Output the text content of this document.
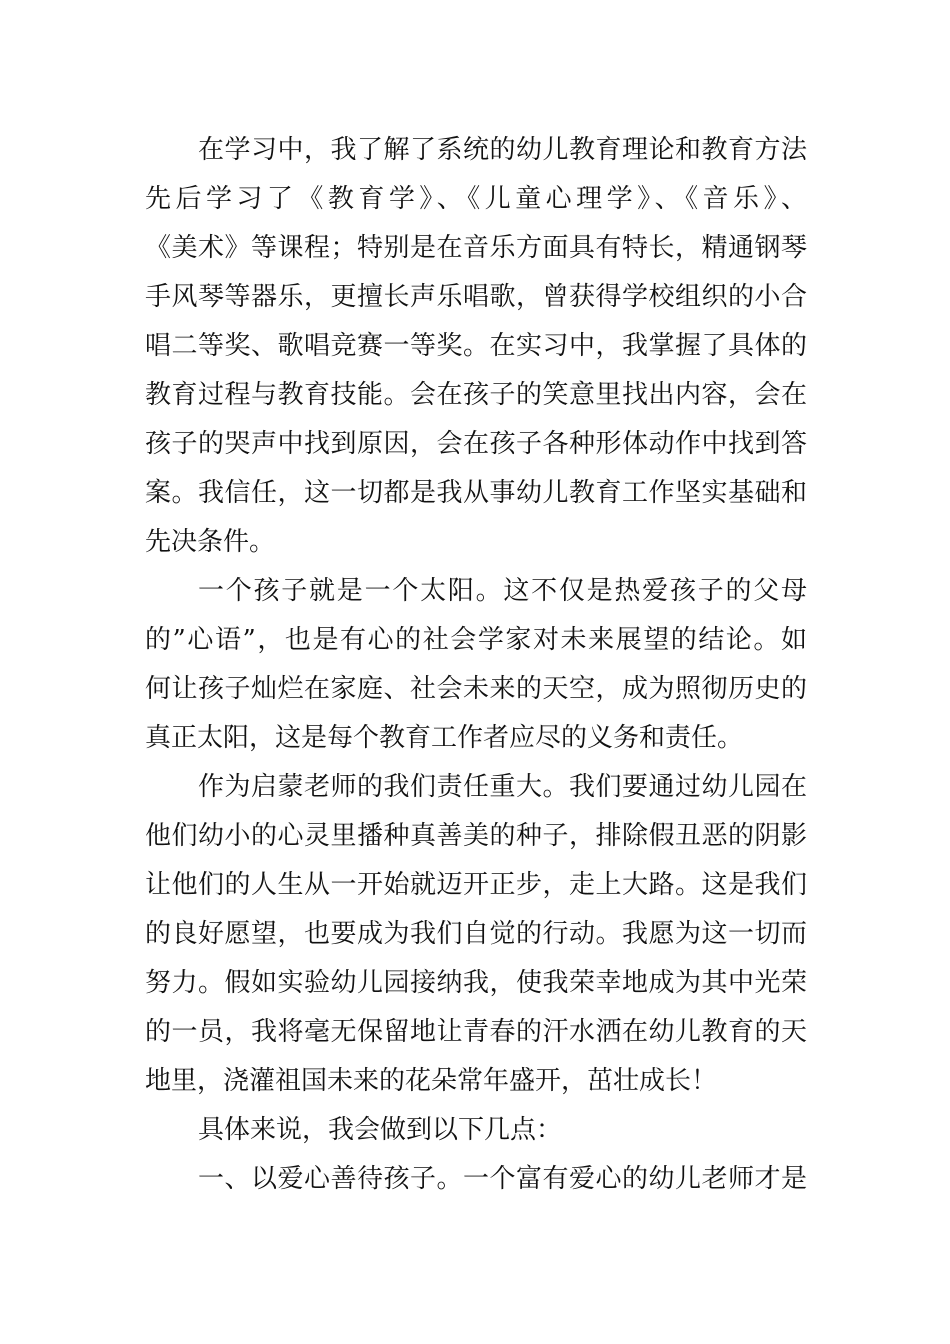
在学习中，我了解了系统的幼儿教育理论和教育方法
先后学习了《教育学》、《儿童心理学》、《音乐》、
《美术》等课程；特别是在音乐方面具有特长，精通钢琴
手风琴等器乐，更擅长声乐唱歌，曾获得学校组织的小合
唱二等奖、歌唱竞赛一等奖。在实习中，我掌握了具体的
教育过程与教育技能。会在孩子的笑意里找出内容，会在
孩子的哭声中找到原因，会在孩子各种形体动作中找到答
案。我信任，这一切都是我从事幼儿教育工作坚实基础和
先决条件。
一个孩子就是一个太阳。这不仅是热爱孩子的父母
的”心语”，也是有心的社会学家对未来展望的结论。如
何让孩子灿烂在家庭、社会未来的天空，成为照彻历史的
真正太阳，这是每个教育工作者应尽的义务和责任。
作为启蒙老师的我们责任重大。我们要通过幼儿园在
他们幼小的心灵里播种真善美的种子，排除假丑恶的阴影
让他们的人生从一开始就迈开正步，走上大路。这是我们
的良好愿望，也要成为我们自觉的行动。我愿为这一切而
努力。假如实验幼儿园接纳我，使我荣幸地成为其中光荣
的一员，我将毫无保留地让青春的汗水洒在幼儿教育的天
地里，浇灌祖国未来的花朵常年盛开，茁壮成长！
具体来说，我会做到以下几点：
一、以爱心善待孩子。一个富有爱心的幼儿老师才是
